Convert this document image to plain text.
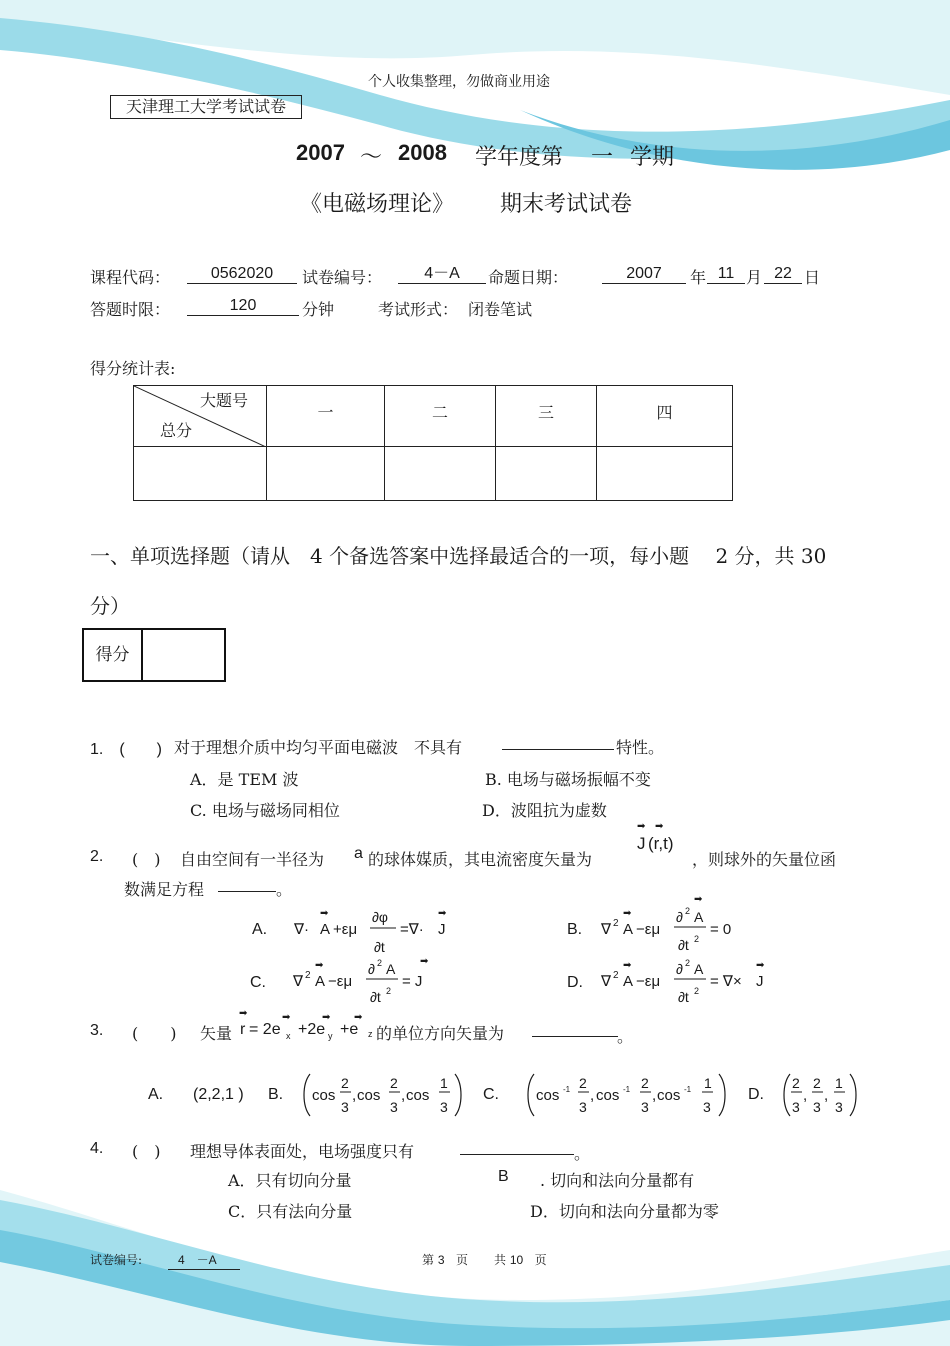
个人收集整理，勿做商业用途
天津理工大学考试试卷
2007 ～ 2008 学年度第 一 学期
《电磁场理论》 期末考试试卷
课程代码：	0562020	试卷编号：	4－A	命题日期：	2007	年 11 月 22 日
答题时限：	120	分钟	考试形式： 闭卷笔试
得分统计表:
大题号
总分	一	二	三	四

一、单项选择题（请从　4 个备选答案中选择最适合的一项，每小题　 2 分，共 30
分）
得分
1.　(　　) 对于理想介质中均匀平面电磁波　不具有	特性。
A．是 TEM 波	B. 电场与磁场振幅不变
C. 电场与磁场同相位	D．波阻抗为虚数
2. (　) 自由空间有一半径为 a 的球体媒质，其电流密度矢量为
➡ ➡
J (r,t)
，则球外的矢量位函
数满足方程	。
A. ∇·
➡
A +εμ
∂φ
∂t
=∇·
➡
J	B. ∇ 2
➡
A −εμ
➡
∂ 2 A
∂t 2
= 0
C. ∇ 2
➡
A −εμ
∂ 2 A
∂t 2
➡
= J	D. ∇ 2
➡
A −εμ
∂ 2 A
∂t 2
= ∇×
➡
J
3. (　　) 矢量
➡
r = 2e
➡
x +2e
➡
y +e
➡
z 的单位方向矢量为	。
A. (2,2,1 ) B. cos
2
3
, cos
2
3
, cos
1
3
C. cos -1 2
3
, cos -1 2
3
, cos -1 1
3
D.
2
3
,
2
3
,
1
3
4. (　) 理想导体表面处，电场强度只有	。
A．只有切向分量	B . 切向和法向分量都有
C．只有法向分量	D．切向和法向分量都为零
试卷编号:	4　－A	第 3 页 共 10 页
